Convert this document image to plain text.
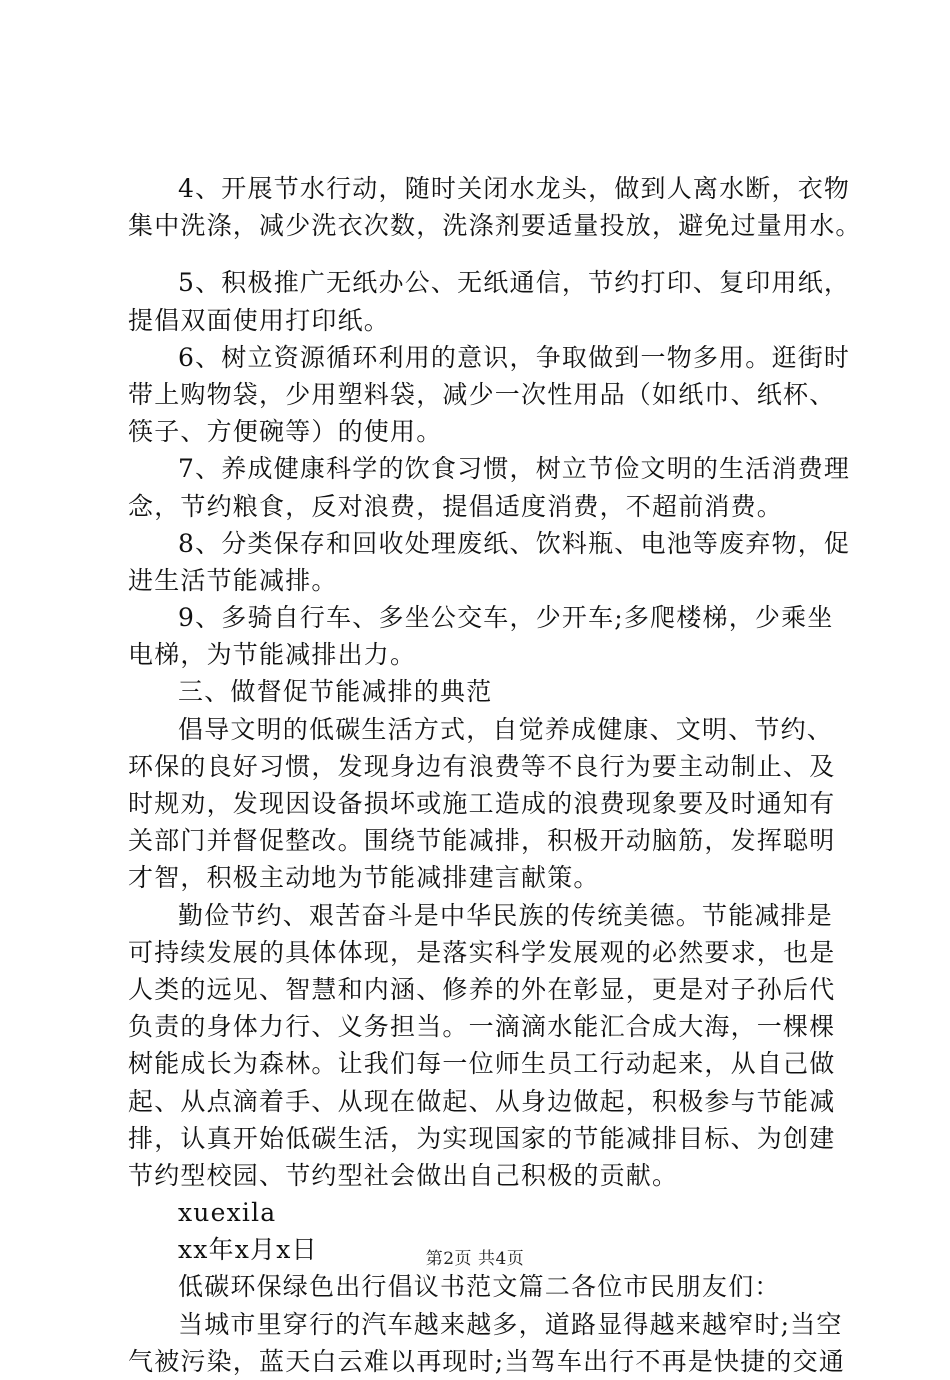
4、开展节水行动，随时关闭水龙头，做到人离水断，衣物
集中洗涤，减少洗衣次数，洗涤剂要适量投放，避免过量用水。
5、积极推广无纸办公、无纸通信，节约打印、复印用纸，
提倡双面使用打印纸。
6、树立资源循环利用的意识，争取做到一物多用。逛街时
带上购物袋，少用塑料袋，减少一次性用品（如纸巾、纸杯、
筷子、方便碗等）的使用。
7、养成健康科学的饮食习惯，树立节俭文明的生活消费理
念，节约粮食，反对浪费，提倡适度消费，不超前消费。
8、分类保存和回收处理废纸、饮料瓶、电池等废弃物，促
进生活节能减排。
9、多骑自行车、多坐公交车，少开车;多爬楼梯，少乘坐
电梯，为节能减排出力。
三、做督促节能减排的典范
倡导文明的低碳生活方式，自觉养成健康、文明、节约、
环保的良好习惯，发现身边有浪费等不良行为要主动制止、及
时规劝，发现因设备损坏或施工造成的浪费现象要及时通知有
关部门并督促整改。围绕节能减排，积极开动脑筋，发挥聪明
才智，积极主动地为节能减排建言献策。
勤俭节约、艰苦奋斗是中华民族的传统美德。节能减排是
可持续发展的具体体现，是落实科学发展观的必然要求，也是
人类的远见、智慧和内涵、修养的外在彰显，更是对子孙后代
负责的身体力行、义务担当。一滴滴水能汇合成大海，一棵棵
树能成长为森林。让我们每一位师生员工行动起来，从自己做
起、从点滴着手、从现在做起、从身边做起，积极参与节能减
排，认真开始低碳生活，为实现国家的节能减排目标、为创建
节约型校园、节约型社会做出自己积极的贡献。
xuexila
xx年x月x日
低碳环保绿色出行倡议书范文篇二各位市民朋友们：
当城市里穿行的汽车越来越多，道路显得越来越窄时;当空
气被污染，蓝天白云难以再现时;当驾车出行不再是快捷的交通
第2页 共4页
